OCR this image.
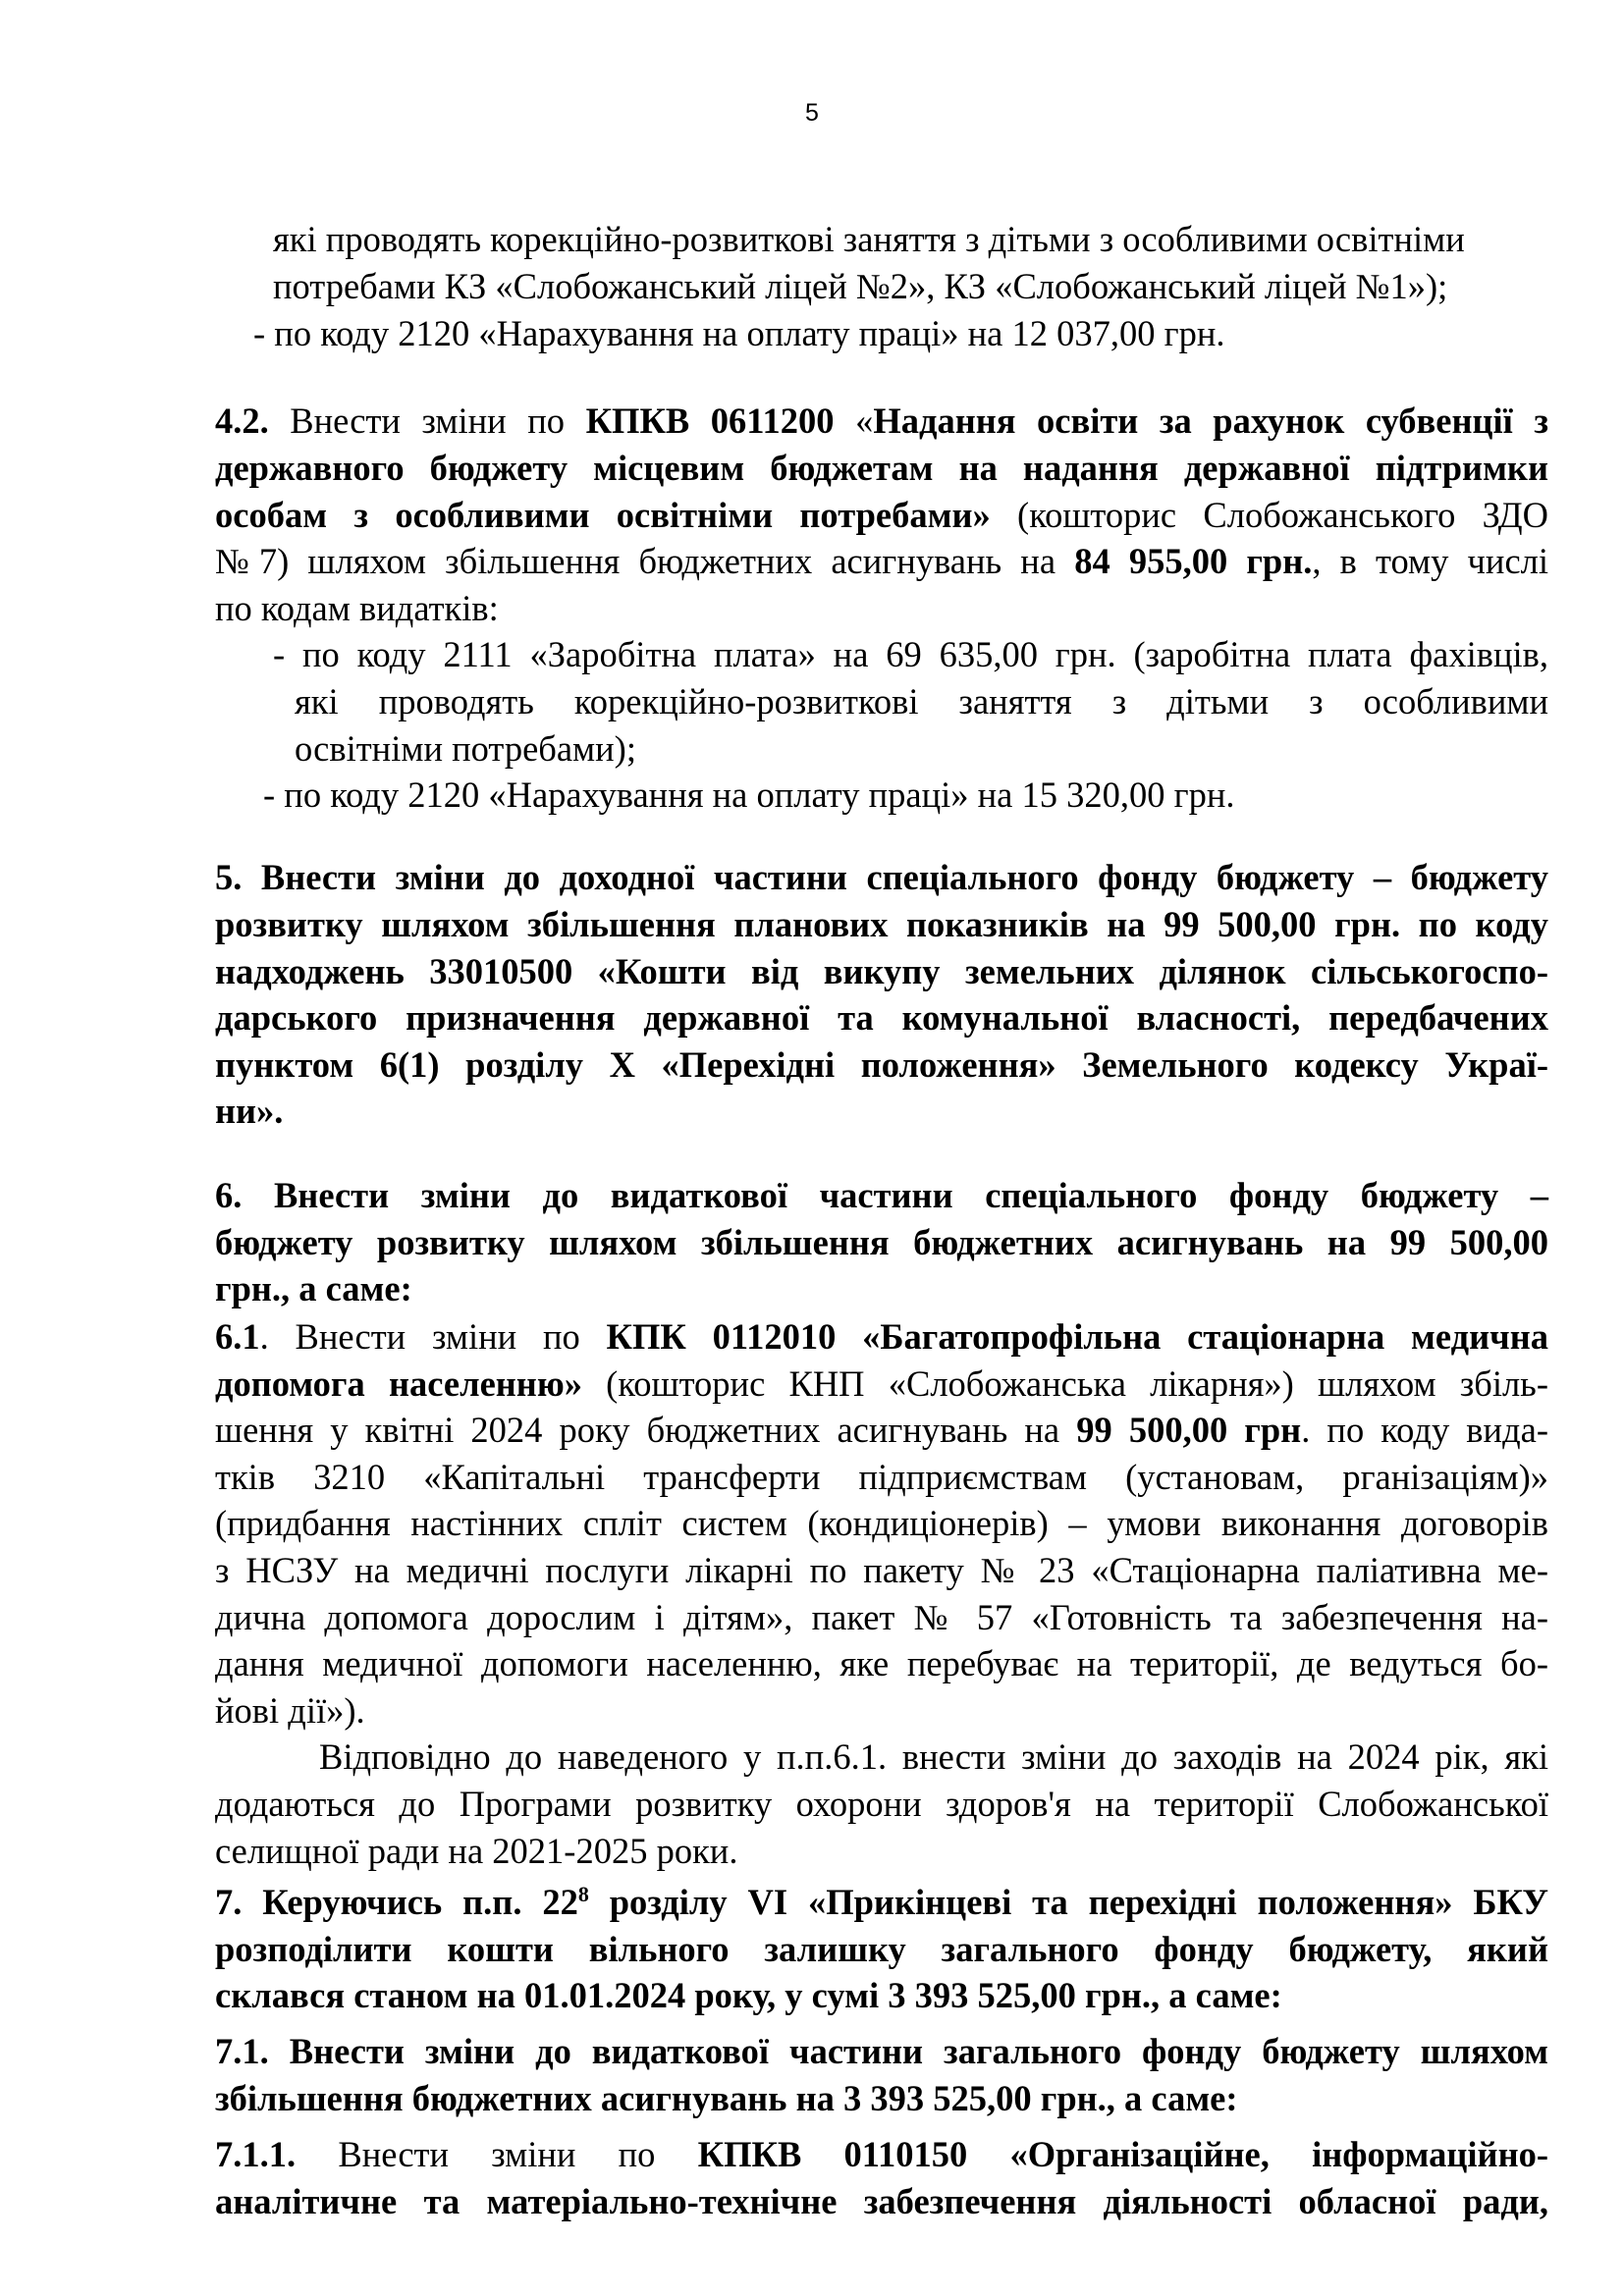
5
які проводять корекційно-розвиткові заняття з дітьми з особливими освітніми
потребами КЗ «Слобожанський ліцей №2», КЗ «Слобожанський ліцей №1»);
- по коду 2120 «Нарахування на оплату праці» на 12 037,00 грн.
4.2. Внести зміни по КПКВ 0611200 «Надання освіти за рахунок субвенції з
державного бюджету місцевим бюджетам на надання державної підтримки
особам з особливими освітніми потребами» (кошторис Слобожанського ЗДО
№7) шляхом збільшення бюджетних асигнувань на 84 955,00 грн., в тому числі
по кодам видатків:
- по коду 2111 «Заробітна плата» на 69 635,00 грн. (заробітна плата фахівців,
які проводять корекційно-розвиткові заняття з дітьми з особливими
освітніми потребами);
- по коду 2120 «Нарахування на оплату праці» на 15 320,00 грн.
5. Внести зміни до доходної частини спеціального фонду бюджету – бюджету
розвитку шляхом збільшення планових показників на 99 500,00 грн. по коду
надходжень 33010500 «Кошти від викупу земельних ділянок сільськогоспо-
дарського призначення державної та комунальної власності, передбачених
пунктом 6(1) розділу Х «Перехідні положення» Земельного кодексу Украї-
ни».
6. Внести зміни до видаткової частини спеціального фонду бюджету –
бюджету розвитку шляхом збільшення бюджетних асигнувань на 99 500,00
грн., а саме:
6.1. Внести зміни по КПК 0112010 «Багатопрофільна стаціонарна медична
допомога населенню» (кошторис КНП «Слобожанська лікарня») шляхом збіль-
шення у квітні 2024 року бюджетних асигнувань на 99 500,00 грн. по коду вида-
тків 3210 «Капітальні трансферти підприємствам (установам, рганізаціям)»
(придбання настінних спліт систем (кондиціонерів) – умови виконання договорів
з НСЗУ на медичні послуги лікарні по пакету № 23 «Стаціонарна паліативна ме-
дична допомога дорослим і дітям», пакет № 57 «Готовність та забезпечення на-
дання медичної допомоги населенню, яке перебуває на території, де ведуться бо-
йові дії»).
Відповідно до наведеного у п.п.6.1. внести зміни до заходів на 2024 рік, які
додаються до Програми розвитку охорони здоров'я на території Слобожанської
селищної ради на 2021-2025 роки.
7. Керуючись п.п. $22^8$ розділу VI «Прикінцеві та перехідні положення» БКУ
розподілити кошти вільного залишку загального фонду бюджету, який
склався станом на 01.01.2024 року, у сумі 3 393 525,00 грн., а саме:
7.1. Внести зміни до видаткової частини загального фонду бюджету шляхом
збільшення бюджетних асигнувань на 3 393 525,00 грн., а саме:
7.1.1. Внести зміни по КПКВ 0110150 «Організаційне, інформаційно-
аналітичне та матеріально-технічне забезпечення діяльності обласної ради,
